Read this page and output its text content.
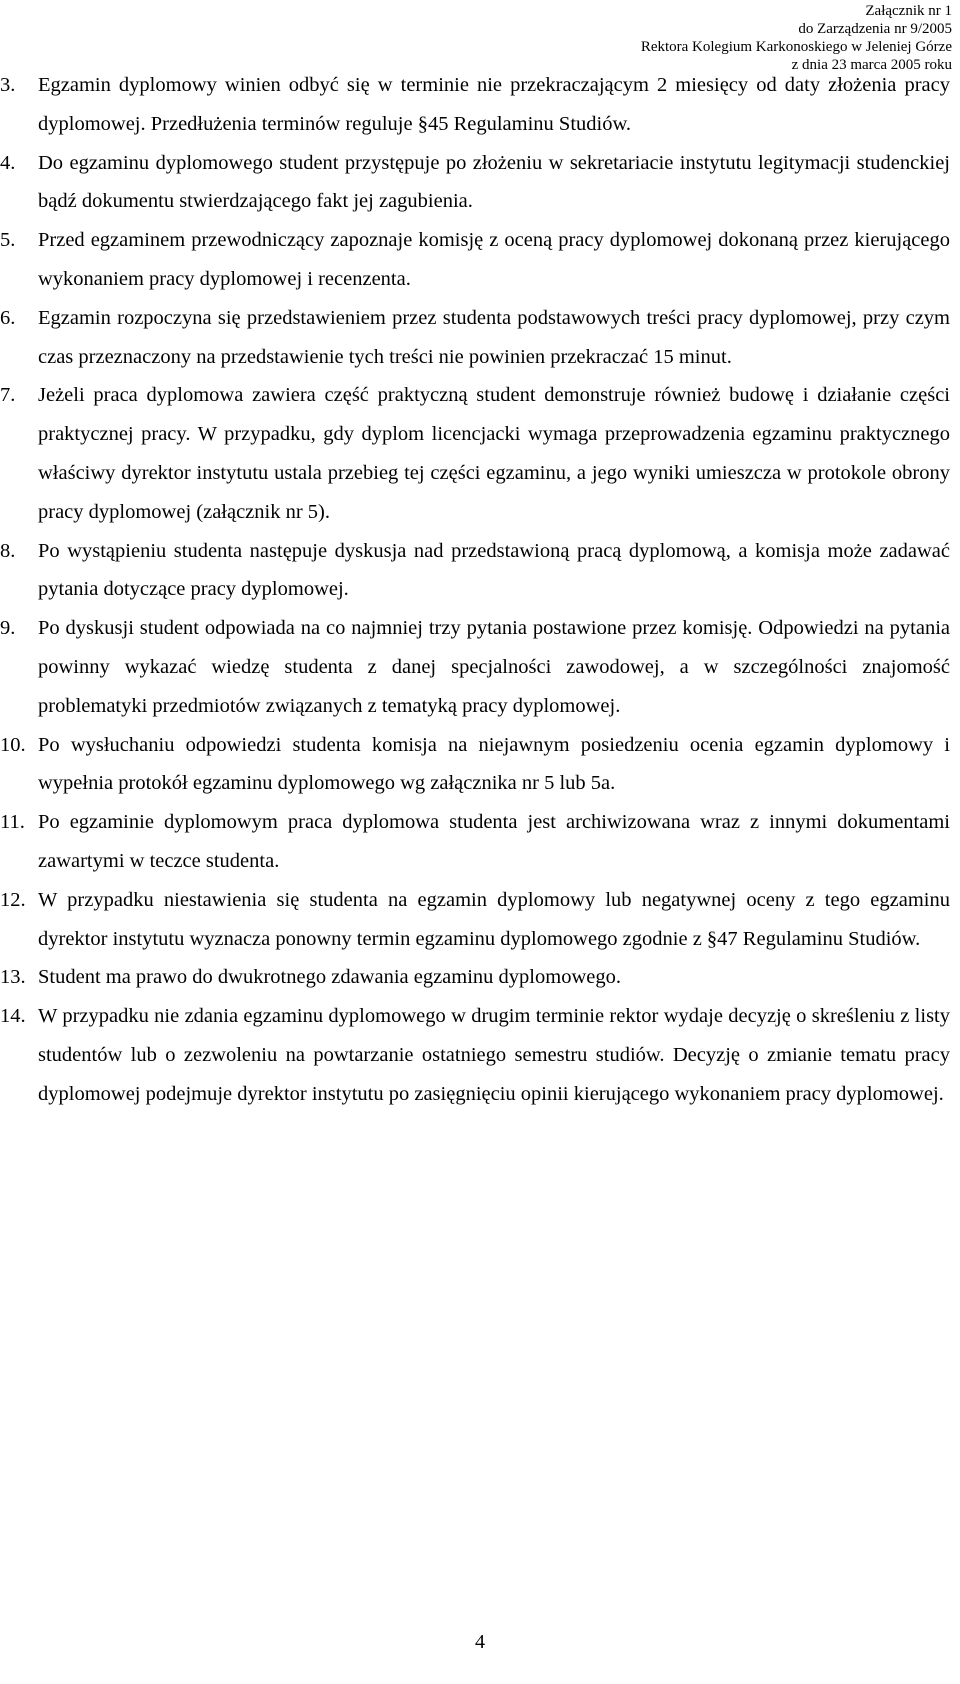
Załącznik nr 1
do Zarządzenia nr 9/2005
Rektora Kolegium Karkonoskiego w Jeleniej Górze
z dnia 23 marca 2005 roku
3. Egzamin dyplomowy winien odbyć się w terminie nie przekraczającym 2 miesięcy od daty złożenia pracy dyplomowej. Przedłużenia terminów reguluje §45 Regulaminu Studiów.
4. Do egzaminu dyplomowego student przystępuje po złożeniu w sekretariacie instytutu legitymacji studenckiej bądź dokumentu stwierdzającego fakt jej zagubienia.
5. Przed egzaminem przewodniczący zapoznaje komisję z oceną pracy dyplomowej dokonaną przez kierującego wykonaniem pracy dyplomowej i recenzenta.
6. Egzamin rozpoczyna się przedstawieniem przez studenta podstawowych treści pracy dyplomowej, przy czym czas przeznaczony na przedstawienie tych treści nie powinien przekraczać 15 minut.
7. Jeżeli praca dyplomowa zawiera część praktyczną student demonstruje również budowę i działanie części praktycznej pracy. W przypadku, gdy dyplom licencjacki wymaga przeprowadzenia egzaminu praktycznego właściwy dyrektor instytutu ustala przebieg tej części egzaminu, a jego wyniki umieszcza w protokole obrony pracy dyplomowej (załącznik nr 5).
8. Po wystąpieniu studenta następuje dyskusja nad przedstawioną pracą dyplomową, a komisja może zadawać pytania dotyczące pracy dyplomowej.
9. Po dyskusji student odpowiada na co najmniej trzy pytania postawione przez komisję. Odpowiedzi na pytania powinny wykazać wiedzę studenta z danej specjalności zawodowej, a w szczególności znajomość problematyki przedmiotów związanych z tematyką pracy dyplomowej.
10. Po wysłuchaniu odpowiedzi studenta komisja na niejawnym posiedzeniu ocenia egzamin dyplomowy i wypełnia protokół egzaminu dyplomowego wg załącznika nr 5 lub 5a.
11. Po egzaminie dyplomowym praca dyplomowa studenta jest archiwizowana wraz z innymi dokumentami zawartymi w teczce studenta.
12. W przypadku niestawienia się studenta na egzamin dyplomowy lub negatywnej oceny z tego egzaminu dyrektor instytutu wyznacza ponowny termin egzaminu dyplomowego zgodnie z §47 Regulaminu Studiów.
13. Student ma prawo do dwukrotnego zdawania egzaminu dyplomowego.
14. W przypadku nie zdania egzaminu dyplomowego w drugim terminie rektor wydaje decyzję o skreśleniu z listy studentów lub o zezwoleniu na powtarzanie ostatniego semestru studiów. Decyzję o zmianie tematu pracy dyplomowej podejmuje dyrektor instytutu po zasięgnięciu opinii kierującego wykonaniem pracy dyplomowej.
4
